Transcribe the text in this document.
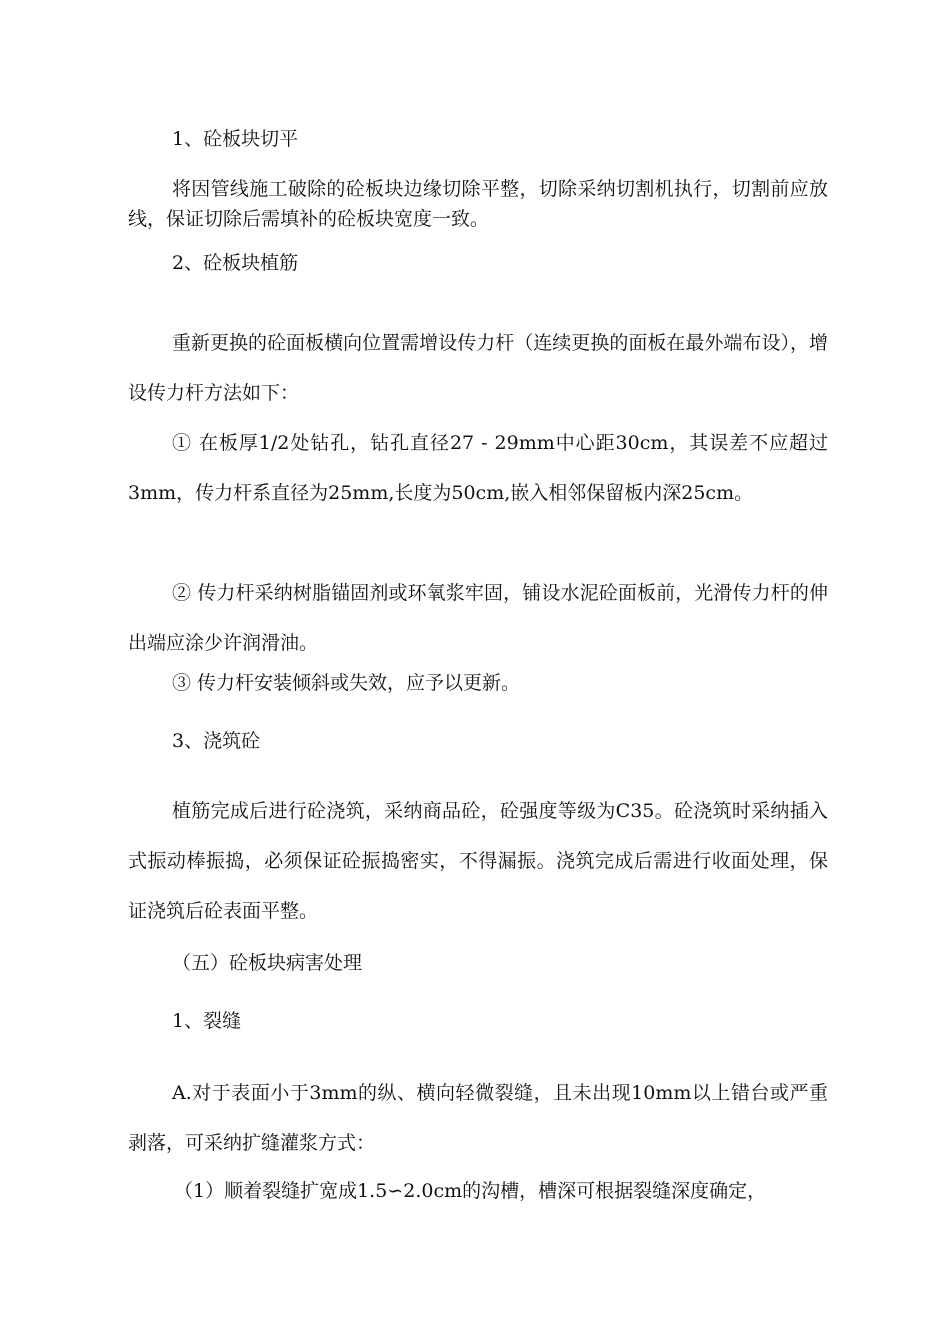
1、砼板块切平

将因管线施工破除的砼板块边缘切除平整，切除采纳切割机执行，切割前应放线，保证切除后需填补的砼板块宽度一致。

2、砼板块植筋

重新更换的砼面板横向位置需增设传力杆（连续更换的面板在最外端布设），增设传力杆方法如下：

① 在板厚1/2处钻孔，钻孔直径27 - 29mm中心距30cm，其误差不应超过3mm，传力杆系直径为25mm,长度为50cm,嵌入相邻保留板内深25cm。

② 传力杆采纳树脂锚固剂或环氧浆牢固，铺设水泥砼面板前，光滑传力杆的伸出端应涂少许润滑油。

③ 传力杆安装倾斜或失效，应予以更新。

3、浇筑砼

植筋完成后进行砼浇筑，采纳商品砼，砼强度等级为C35。砼浇筑时采纳插入式振动棒振捣，必须保证砼振捣密实，不得漏振。浇筑完成后需进行收面处理，保证浇筑后砼表面平整。

（五）砼板块病害处理

1、裂缝

A.对于表面小于3mm的纵、横向轻微裂缝，且未出现10mm以上错台或严重剥落，可采纳扩缝灌浆方式：

（1）顺着裂缝扩宽成1.5∽2.0cm的沟槽，槽深可根据裂缝深度确定，
